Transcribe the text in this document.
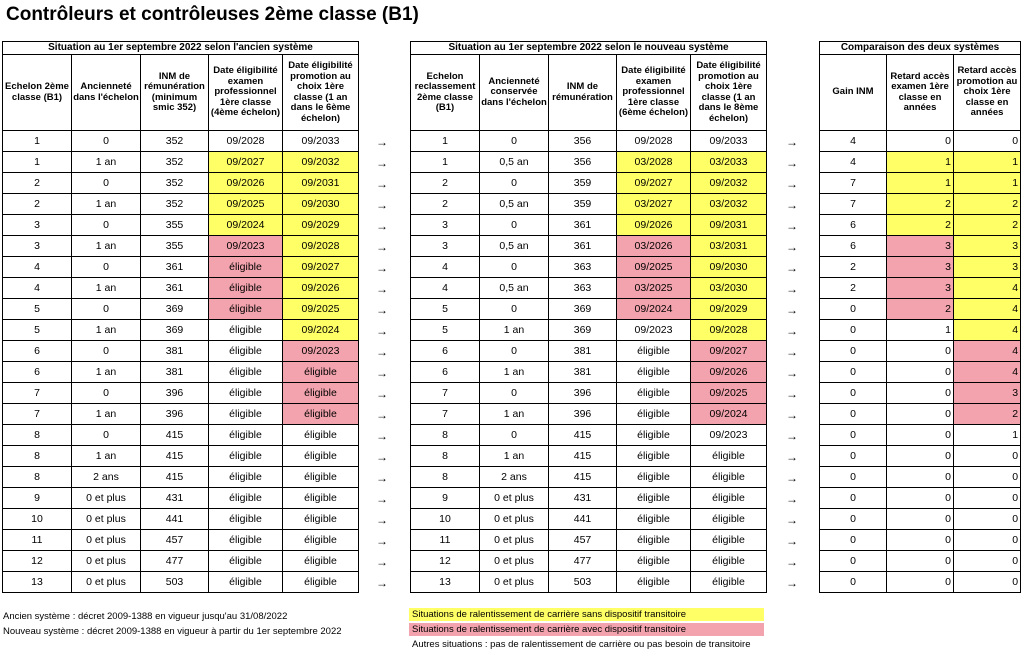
Contrôleurs et contrôleuses 2ème classe (B1)
Situation au 1er septembre 2022 selon l'ancien système				
Echelon 2ème classe (B1)	Ancienneté dans l'échelon	INM de rémunération (minimum smic 352)	Date éligibilité examen professionnel 1ère classe (4ème échelon)	Date éligibilité promotion au choix 1ère classe (1 an dans le 6ème échelon)
1	0	352	09/2028	09/2033
1	1 an	352	09/2027	09/2032
2	0	352	09/2026	09/2031
2	1 an	352	09/2025	09/2030
3	0	355	09/2024	09/2029
3	1 an	355	09/2023	09/2028
4	0	361	éligible	09/2027
4	1 an	361	éligible	09/2026
5	0	369	éligible	09/2025
5	1 an	369	éligible	09/2024
6	0	381	éligible	09/2023
6	1 an	381	éligible	éligible
7	0	396	éligible	éligible
7	1 an	396	éligible	éligible
8	0	415	éligible	éligible
8	1 an	415	éligible	éligible
8	2 ans	415	éligible	éligible
9	0 et plus	431	éligible	éligible
10	0 et plus	441	éligible	éligible
11	0 et plus	457	éligible	éligible
12	0 et plus	477	éligible	éligible
13	0 et plus	503	éligible	éligible
→
→
→
→
→
→
→
→
→
→
→
→
→
→
→
→
→
→
→
→
→
→
Situation au 1er septembre 2022 selon le nouveau système				
Echelon reclassement 2ème classe (B1)	Ancienneté conservée dans l'échelon	INM de rémunération	Date éligibilité examen professionnel 1ère classe (6ème échelon)	Date éligibilité promotion au choix 1ère classe (1 an dans le 8ème échelon)
1	0	356	09/2028	09/2033
1	0,5 an	356	03/2028	03/2033
2	0	359	09/2027	09/2032
2	0,5 an	359	03/2027	03/2032
3	0	361	09/2026	09/2031
3	0,5 an	361	03/2026	03/2031
4	0	363	09/2025	09/2030
4	0,5 an	363	03/2025	03/2030
5	0	369	09/2024	09/2029
5	1 an	369	09/2023	09/2028
6	0	381	éligible	09/2027
6	1 an	381	éligible	09/2026
7	0	396	éligible	09/2025
7	1 an	396	éligible	09/2024
8	0	415	éligible	09/2023
8	1 an	415	éligible	éligible
8	2 ans	415	éligible	éligible
9	0 et plus	431	éligible	éligible
10	0 et plus	441	éligible	éligible
11	0 et plus	457	éligible	éligible
12	0 et plus	477	éligible	éligible
13	0 et plus	503	éligible	éligible
→
→
→
→
→
→
→
→
→
→
→
→
→
→
→
→
→
→
→
→
→
→
Comparaison des deux systèmes		
Gain INM	Retard accès examen 1ère classe en années	Retard accès promotion au choix 1ère classe en années
4	0	0
4	1	1
7	1	1
7	2	2
6	2	2
6	3	3
2	3	3
2	3	4
0	2	4
0	1	4
0	0	4
0	0	4
0	0	3
0	0	2
0	0	1
0	0	0
0	0	0
0	0	0
0	0	0
0	0	0
0	0	0
0	0	0
Ancien système : décret 2009-1388 en vigueur jusqu'au 31/08/2022
Nouveau système : décret 2009-1388 en vigueur à partir du 1er septembre 2022
Situations de ralentissement de carrière sans dispositif transitoire
Situations de ralentissement de carrière avec dispositif transitoire
Autres situations : pas de ralentissement de carrière ou pas besoin de transitoire
